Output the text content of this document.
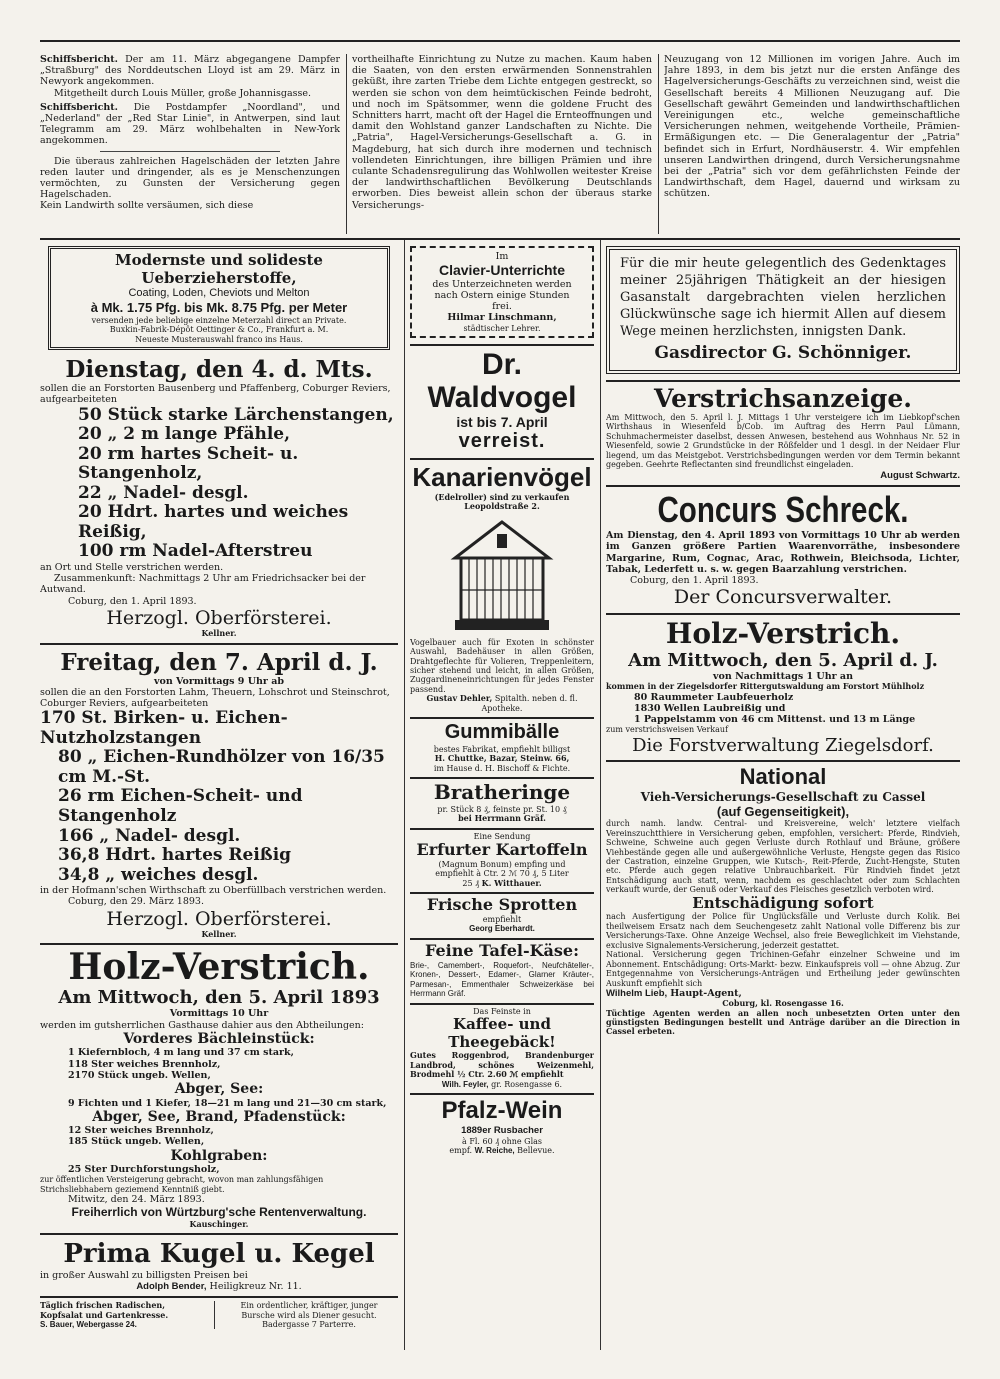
Schiffsbericht. Der am 11. März abgegangene Dampfer „Straßburg" des Norddeutschen Lloyd ist am 29. März in Newyork angekommen.

Mitgetheilt durch Louis Müller, große Johannisgasse.

Schiffsbericht. Die Postdampfer „Noordland", und „Nederland" der „Red Star Linie", in Antwerpen, sind laut Telegramm am 29. März wohlbehalten in New-York angekommen.

Die überaus zahlreichen Hagelschäden der letzten Jahre reden lauter und dringender, als es je Menschenzungen vermöchten, zu Gunsten der Versicherung gegen Hagelschaden.

Kein Landwirth sollte versäumen, sich diese

vortheilhafte Einrichtung zu Nutze zu machen. Kaum haben die Saaten, von den ersten erwärmenden Sonnenstrahlen geküßt, ihre zarten Triebe dem Lichte entgegen gestreckt, so werden sie schon von dem heimtückischen Feinde bedroht, und noch im Spätsommer, wenn die goldene Frucht des Schnitters harrt, macht oft der Hagel die Ernteoffnungen und damit den Wohlstand ganzer Landschaften zu Nichte. Die „Patria", Hagel-Versicherungs-Gesellschaft a. G. in Magdeburg, hat sich durch ihre modernen und technisch vollendeten Einrichtungen, ihre billigen Prämien und ihre culante Schadensregulirung das Wohlwollen weitester Kreise der landwirthschaftlichen Bevölkerung Deutschlands erworben. Dies beweist allein schon der überaus starke Versicherungs-
Neuzugang von 12 Millionen im vorigen Jahre. Auch im Jahre 1893, in dem bis jetzt nur die ersten Anfänge des Hagelversicherungs-Geschäfts zu verzeichnen sind, weist die Gesellschaft bereits 4 Millionen Neuzugang auf. Die Gesellschaft gewährt Gemeinden und landwirthschaftlichen Vereinigungen etc., welche gemeinschaftliche Versicherungen nehmen, weitgehende Vortheile, Prämien-Ermäßigungen etc. — Die Generalagentur der „Patria" befindet sich in Erfurt, Nordhäuserstr. 4. Wir empfehlen unseren Landwirthen dringend, durch Versicherungsnahme bei der „Patria" sich vor dem gefährlichsten Feinde der Landwirthschaft, dem Hagel, dauernd und wirksam zu schützen.
Modernste und solideste Ueberzieherstoffe,
Coating, Loden, Cheviots und Melton
à Mk. 1.75 Pfg. bis Mk. 8.75 Pfg. per Meter
versenden jede beliebige einzelne Meterzahl direct an Private.
Buxkin-Fabrik-Dépôt Oettinger & Co., Frankfurt a. M.
Neueste Musterauswahl franco ins Haus.
Dienstag, den 4. d. Mts.
sollen die an Forstorten Bausenberg und Pfaffenberg, Coburger Reviers, aufgearbeiteten
50 Stück starke Lärchenstangen,
20 „ 2 m lange Pfähle,
20 rm hartes Scheit- u. Stangenholz,
22 „ Nadel- desgl.
20 Hdrt. hartes und weiches Reißig,
100 rm Nadel-Afterstreu
an Ort und Stelle verstrichen werden.
Zusammenkunft: Nachmittags 2 Uhr am Friedrichsacker bei der Autwand.
Coburg, den 1. April 1893.
Herzogl. Oberförsterei.
Kellner.
Freitag, den 7. April d. J.
von Vormittags 9 Uhr ab
sollen die an den Forstorten Lahm, Theuern, Lohschrot und Steinschrot, Coburger Reviers, aufgearbeiteten
170 St. Birken- u. Eichen-Nutzholzstangen
80 „ Eichen-Rundhölzer von 16/35 cm M.-St.
26 rm Eichen-Scheit- und Stangenholz
166 „ Nadel- desgl.
36,8 Hdrt. hartes Reißig
34,8 „ weiches desgl.
in der Hofmann'schen Wirthschaft zu Oberfüllbach verstrichen werden.
Coburg, den 29. März 1893.
Herzogl. Oberförsterei.
Kellner.
Holz-Verstrich.
Am Mittwoch, den 5. April 1893
Vormittags 10 Uhr
werden im gutsherrlichen Gasthause dahier aus den Abtheilungen:
Vorderes Bächleinstück:
1 Kiefernbloch, 4 m lang und 37 cm stark,
118 Ster weiches Brennholz,
2170 Stück ungeb. Wellen,
Abger, See:
9 Fichten und 1 Kiefer, 18—21 m lang und 21—30 cm stark,
Abger, See, Brand, Pfadenstück:
12 Ster weiches Brennholz,
185 Stück ungeb. Wellen,
Kohlgraben:
25 Ster Durchforstungsholz,
zur öffentlichen Versteigerung gebracht, wovon man zahlungsfähigen Strichsliebhabern geziemend Kenntniß giebt.
Mitwitz, den 24. März 1893.
Freiherrlich von Würtzburg'sche Rentenverwaltung.
Kauschinger.
Prima Kugel u. Kegel
in großer Auswahl zu billigsten Preisen bei
Adolph Bender, Heiligkreuz Nr. 11.
Täglich frischen Radischen,
Kopfsalat und Gartenkresse.
S. Bauer, Webergasse 24.
Ein ordentlicher, kräftiger, junger
Bursche wird als Diener gesucht.
Badergasse 7 Parterre.
Im
Clavier-Unterrichte
des Unterzeichneten werden
nach Ostern einige Stunden
frei.
Hilmar Linschmann,
städtischer Lehrer.
Dr. Waldvogel
ist bis 7. April
verreist.
Kanarienvögel
(Edelroller) sind zu verkaufen
Leopoldstraße 2.
Vogelbauer auch für Exoten in schönster Auswahl, Badehäuser in allen Größen, Drahtgeflechte für Volieren, Treppenleitern, sicher stehend und leicht, in allen Größen, Zuggardineneinrichtungen für jedes Fenster passend.
Gustav Dehler, Spitalth. neben d. fl. Apotheke.
Gummibälle
bestes Fabrikat, empfiehlt billigst
H. Chuttke, Bazar, Steinw. 66,
im Hause d. H. Bischoff & Fichte.
Bratheringe
pr. Stück 8 ₰, feinste pr. St. 10 ₰
bei Herrmann Gräf.
Eine Sendung
Erfurter Kartoffeln
(Magnum Bonum) empfing und
empfiehlt à Ctr. 2 ℳ 70 ₰, 5 Liter
25 ₰ K. Witthauer.
Frische Sprotten
empfiehlt
Georg Eberhardt.
Feine Tafel-Käse:
Brie-, Camembert-, Roquefort-, Neufchâteller-, Kronen-, Dessert-, Edamer-, Glarner Kräuter-, Parmesan-, Emmenthaler Schweizerkäse bei Herrmann Gräf.
Das Feinste in
Kaffee- und Theegebäck!
Gutes Roggenbrod, Brandenburger Landbrod, schönes Weizenmehl, Brodmehl ½ Ctr. 2.60 ℳ empfiehlt
Wilh. Feyler, gr. Rosengasse 6.
Pfalz-Wein
1889er Rusbacher
à Fl. 60 ₰ ohne Glas
empf. W. Reiche, Bellevue.
Für die mir heute gelegentlich des Gedenktages meiner 25jährigen Thätigkeit an der hiesigen Gasanstalt dargebrachten vielen herzlichen Glückwünsche sage ich hiermit Allen auf diesem Wege meinen herzlichsten, innigsten Dank.
Gasdirector G. Schönniger.
Verstrichsanzeige.
Am Mittwoch, den 5. April l. J. Mittags 1 Uhr versteigere ich im Liebkopf'schen Wirthshaus in Wiesenfeld b/Cob. im Auftrag des Herrn Paul Lümann, Schuhmachermeister daselbst, dessen Anwesen, bestehend aus Wohnhaus Nr. 52 in Wiesenfeld, sowie 2 Grundstücke in der Rößfelder und 1 desgl. in der Neidaer Flur liegend, um das Meistgebot. Verstrichsbedingungen werden vor dem Termin bekannt gegeben. Geehrte Reflectanten sind freundlichst eingeladen.
August Schwartz.
Concurs Schreck.
Am Dienstag, den 4. April 1893 von Vormittags 10 Uhr ab werden im Ganzen größere Partien Waarenvorräthe, insbesondere Margarine, Rum, Cognac, Arac, Rothwein, Bleichsoda, Lichter, Tabak, Lederfett u. s. w. gegen Baarzahlung verstrichen.
Coburg, den 1. April 1893.
Der Concursverwalter.
Holz-Verstrich.
Am Mittwoch, den 5. April d. J.
von Nachmittags 1 Uhr an
kommen in der Ziegelsdorfer Rittergutswaldung am Forstort Mühlholz
80 Raummeter Laubfeuerholz
1830 Wellen Laubreißig und
1 Pappelstamm von 46 cm Mittenst. und 13 m Länge
zum verstrichsweisen Verkauf
Die Forstverwaltung Ziegelsdorf.
National
Vieh-Versicherungs-Gesellschaft zu Cassel
(auf Gegenseitigkeit),
durch namh. landw. Central- und Kreisvereine, welch' letztere vielfach Vereinszuchtthiere in Versicherung geben, empfohlen, versichert: Pferde, Rindvieh, Schweine, Schweine auch gegen Verluste durch Rothlauf und Bräune, größere Viehbestände gegen alle und außergewöhnliche Verluste, Hengste gegen das Risico der Castration, einzelne Gruppen, wie Kutsch-, Reit-Pferde, Zucht-Hengste, Stuten etc. Pferde auch gegen relative Unbrauchbarkeit. Für Rindvieh findet jetzt Entschädigung auch statt, wenn, nachdem es geschlachtet oder zum Schlachten verkauft wurde, der Genuß oder Verkauf des Fleisches gesetzlich verboten wird.
Entschädigung sofort
nach Ausfertigung der Police für Unglücksfälle und Verluste durch Kolik. Bei theilweisem Ersatz nach dem Seuchengesetz zahlt National volle Differenz bis zur Versicherungs-Taxe. Ohne Anzeige Wechsel, also freie Beweglichkeit im Viehstande, exclusive Signalements-Versicherung, jederzeit gestattet.
National. Versicherung gegen Trichinen-Gefahr einzelner Schweine und im Abonnement. Entschädigung: Orts-Markt- bezw. Einkaufspreis voll — ohne Abzug. Zur Entgegennahme von Versicherungs-Anträgen und Ertheilung jeder gewünschten Auskunft empfiehlt sich
Wilhelm Lieb, Haupt-Agent,
Coburg, kl. Rosengasse 16.
Tüchtige Agenten werden an allen noch unbesetzten Orten unter den günstigsten Bedingungen bestellt und Anträge darüber an die Direction in Cassel erbeten.
